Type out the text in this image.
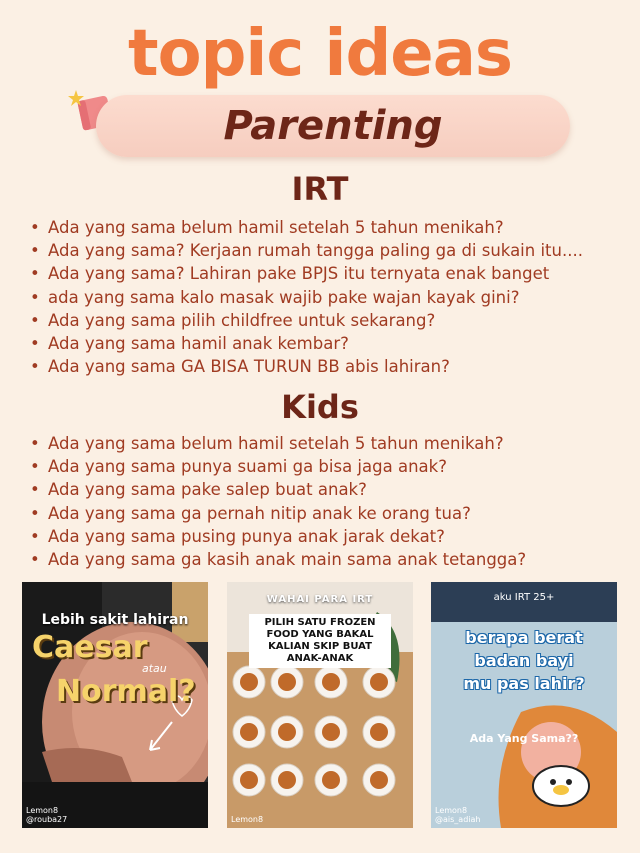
topic ideas
Parenting
IRT
• Ada yang sama belum hamil setelah 5 tahun menikah?
• Ada yang sama? Kerjaan rumah tangga paling ga di sukain itu....
• Ada yang sama? Lahiran pake BPJS itu ternyata enak banget
• ada yang sama kalo masak wajib pake wajan kayak gini?
• Ada yang sama pilih childfree untuk sekarang?
• Ada yang sama hamil anak kembar?
• Ada yang sama GA BISA TURUN BB abis lahiran?
Kids
• Ada yang sama belum hamil setelah 5 tahun menikah?
• Ada yang sama punya suami ga bisa jaga anak?
• Ada yang sama pake salep buat anak?
• Ada yang sama ga pernah nitip anak ke orang tua?
• Ada yang sama pusing punya anak jarak dekat?
• Ada yang sama ga kasih anak main sama anak tetangga?
Lebih sakit lahiran
Caesar
atau
Normal?
Lemon8
@rouba27
WAHAI PARA IRT
PILIH SATU FROZEN FOOD YANG BAKAL KALIAN SKIP BUAT ANAK-ANAK
Lemon8
aku IRT 25+
berapa berat badan bayi mu pas lahir?
Ada Yang Sama??
Lemon8
@ais_adiah
